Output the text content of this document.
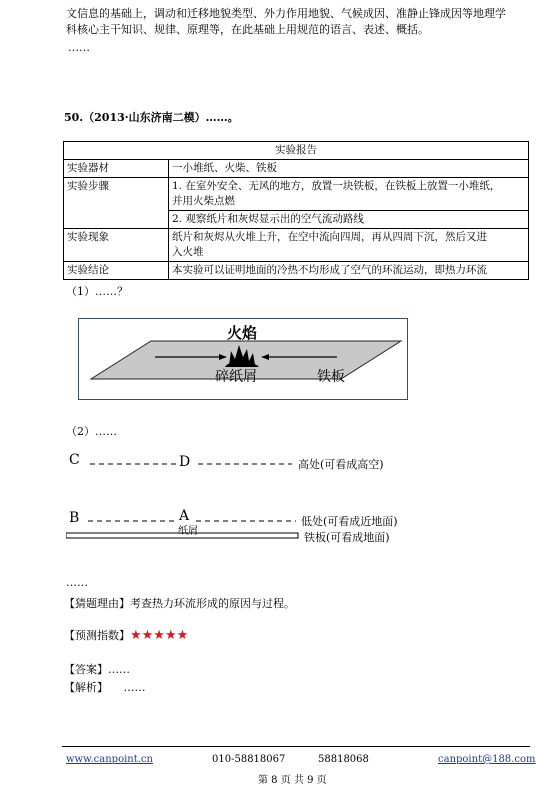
文信息的基础上，调动和迁移地貌类型、外力作用地貌、气候成因、准静止锋成因等地理学
科核心主干知识、规律、原理等，在此基础上用规范的语言、表述、概括。
……
50.（2013·山东济南二模）……。
实验报告	
实验器材	一小堆纸、火柴、铁板
实验步骤	1. 在室外安全、无风的地方，放置一块铁板，在铁板上放置一小堆纸，
并用火柴点燃

	2. 观察纸片和灰烬显示出的空气流动路线
实验现象	纸片和灰烬从火堆上升，在空中流向四周，再从四周下沉，然后又进
入火堆

实验结论	本实验可以证明地面的冷热不均形成了空气的环流运动，即热力环流
（1）……？
火焰
碎纸屑	铁板
（2）……
C	D	高处(可看成高空)
B	A
纸屑
低处(可看成近地面)
铁板(可看成地面)
……
【猜题理由】考查热力环流形成的原因与过程。
【预测指数】★★★★★
【答案】……
【解析】 ……
www.canpoint.cn	010-58818067	58818068	canpoint@188.com
第 8 页 共 9 页
